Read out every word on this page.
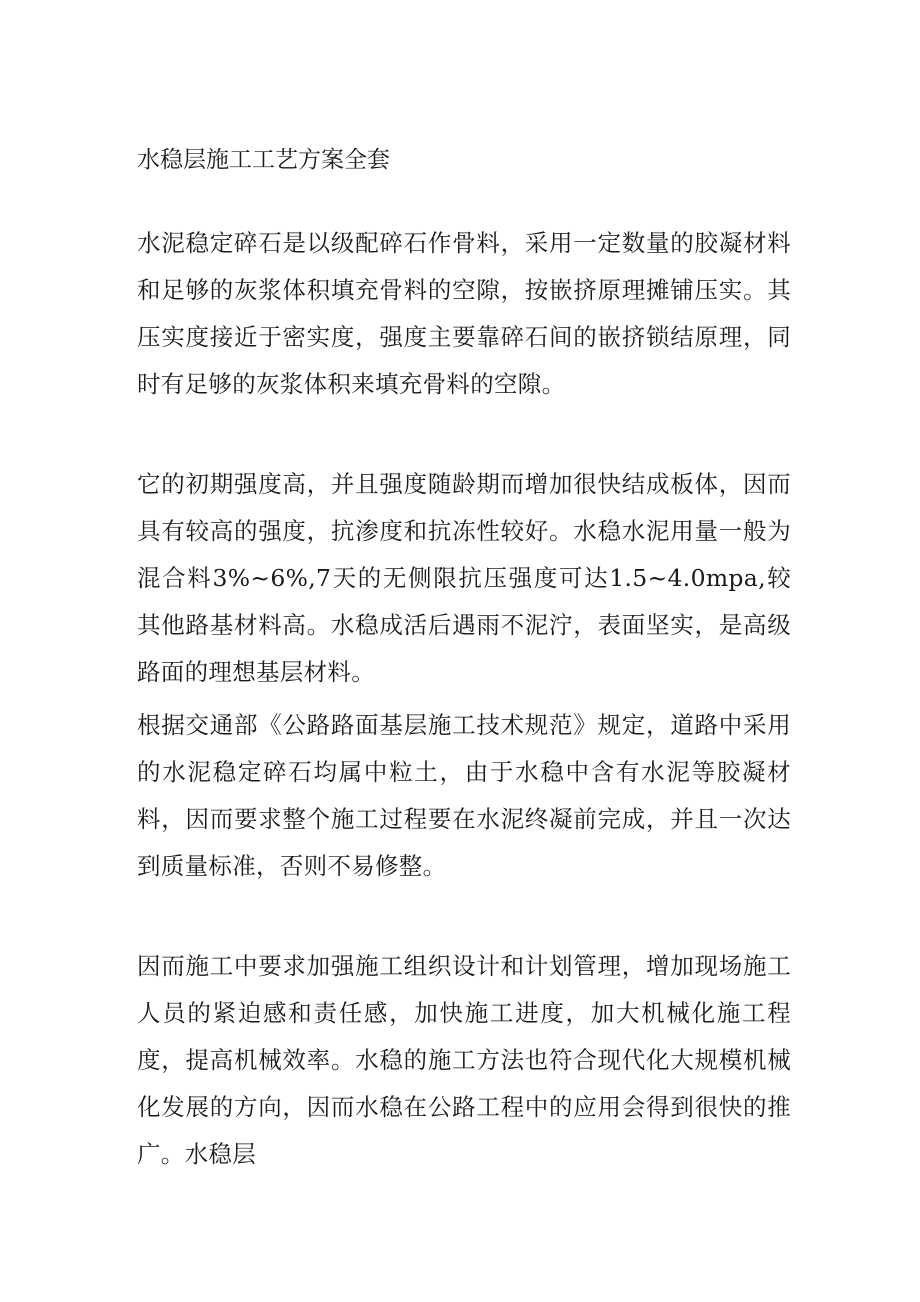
水稳层施工工艺方案全套

水泥稳定碎石是以级配碎石作骨料，采用一定数量的胶凝材料和足够的灰浆体积填充骨料的空隙，按嵌挤原理摊铺压实。其压实度接近于密实度，强度主要靠碎石间的嵌挤锁结原理，同时有足够的灰浆体积来填充骨料的空隙。

它的初期强度高，并且强度随龄期而增加很快结成板体，因而具有较高的强度，抗渗度和抗冻性较好。水稳水泥用量一般为混合料3%~6%,7天的无侧限抗压强度可达1.5~4.0mpa,较其他路基材料高。水稳成活后遇雨不泥泞，表面坚实，是高级路面的理想基层材料。

根据交通部《公路路面基层施工技术规范》规定，道路中采用的水泥稳定碎石均属中粒土，由于水稳中含有水泥等胶凝材料，因而要求整个施工过程要在水泥终凝前完成，并且一次达到质量标准，否则不易修整。

因而施工中要求加强施工组织设计和计划管理，增加现场施工人员的紧迫感和责任感，加快施工进度，加大机械化施工程度，提高机械效率。水稳的施工方法也符合现代化大规模机械化发展的方向，因而水稳在公路工程中的应用会得到很快的推广。水稳层
